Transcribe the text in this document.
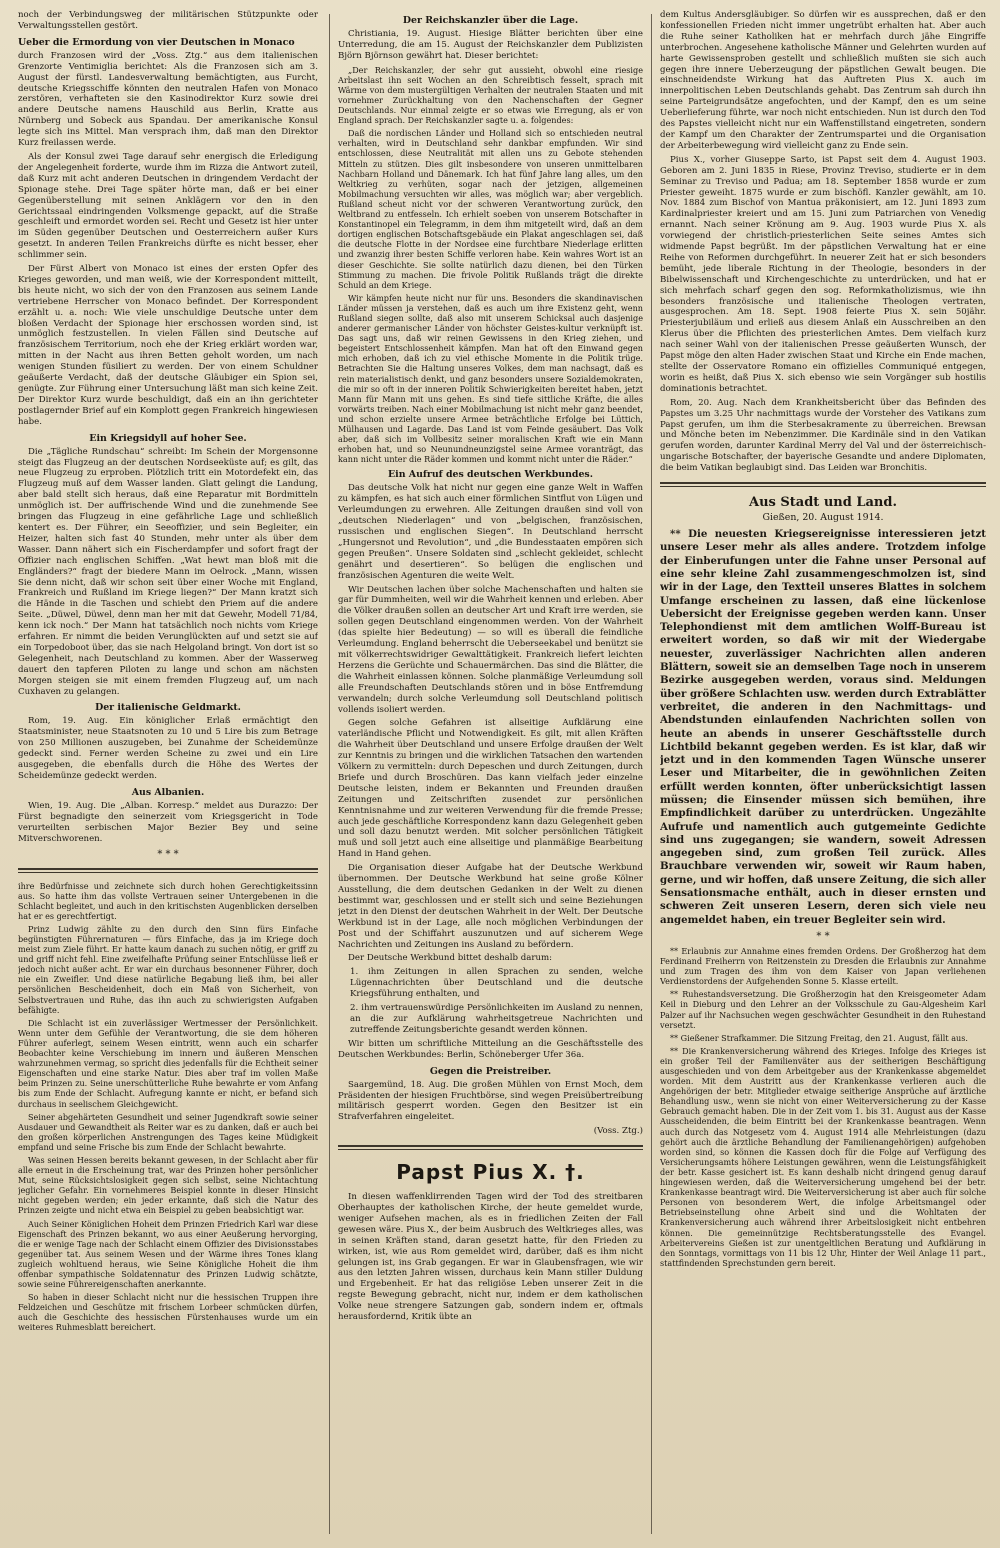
noch der Verbindungsweg der militärischen Stützpunkte oder Verwaltungsstellen gestört.

Ueber die Ermordung von vier Deutschen in Monaco

durch Franzosen wird der „Voss. Ztg.“ aus dem italienischen Grenzorte Ventimiglia berichtet: Als die Franzosen sich am 3. August der fürstl. Landesverwaltung bemächtigten, aus Furcht, deutsche Kriegsschiffe könnten den neutralen Hafen von Monaco zerstören, verhafteten sie den Kasinodirektor Kurz sowie drei andere Deutsche namens Hauschild aus Berlin, Kratte aus Nürnberg und Sobeck aus Spandau. Der amerikanische Konsul legte sich ins Mittel. Man versprach ihm, daß man den Direktor Kurz freilassen werde.

Als der Konsul zwei Tage darauf sehr energisch die Erledigung der Angelegenheit forderte, wurde ihm im Rizza die Antwort zuteil, daß Kurz mit acht anderen Deutschen in dringendem Verdacht der Spionage stehe. Drei Tage später hörte man, daß er bei einer Gegenüberstellung mit seinen Anklägern vor den in den Gerichtssaal eindringenden Volksmenge gepackt, auf die Straße geschleift und ermordet worden sei. Recht und Gesetz ist hier unter im Süden gegenüber Deutschen und Oesterreichern außer Kurs gesetzt. In anderen Teilen Frankreichs dürfte es nicht besser, eher schlimmer sein.

Der Fürst Albert von Monaco ist eines der ersten Opfer des Krieges geworden, und man weiß, wie der Korrespondent mitteilt, bis heute nicht, wo sich der von den Franzosen aus seinem Lande vertriebene Herrscher von Monaco befindet. Der Korrespondent erzählt u. a. noch: Wie viele unschuldige Deutsche unter dem bloßen Verdacht der Spionage hier erschossen worden sind, ist unmöglich festzustellen. In vielen Fällen sind Deutsche auf französischem Territorium, noch ehe der Krieg erklärt worden war, mitten in der Nacht aus ihren Betten geholt worden, um nach wenigen Stunden füsiliert zu werden. Der von einem Schuldner geäußerte Verdacht, daß der deutsche Gläubiger ein Spion sei, genügte. Zur Führung einer Untersuchung läßt man sich keine Zeit. Der Direktor Kurz wurde beschuldigt, daß ein an ihn gerichteter postlagernder Brief auf ein Komplott gegen Frankreich hingewiesen habe.

Ein Kriegsidyll auf hoher See.

Die „Tägliche Rundschau“ schreibt: Im Schein der Morgensonne steigt das Flugzeug an der deutschen Nordseeküste auf; es gilt, das neue Flugzeug zu erproben. Plötzlich tritt ein Motordefekt ein, das Flugzeug muß auf dem Wasser landen. Glatt gelingt die Landung, aber bald stellt sich heraus, daß eine Reparatur mit Bordmitteln unmöglich ist. Der auffrischende Wind und die zunehmende See bringen das Flugzeug in eine gefährliche Lage und schließlich kentert es. Der Führer, ein Seeoffizier, und sein Begleiter, ein Heizer, halten sich fast 40 Stunden, mehr unter als über dem Wasser. Dann nähert sich ein Fischerdampfer und sofort fragt der Offizier nach englischen Schiffen. „Wat hewt man bloß mit die Engländers?“ fragt der biedere Mann im Oelrock. „Mann, wissen Sie denn nicht, daß wir schon seit über einer Woche mit England, Frankreich und Rußland im Kriege liegen?“ Der Mann kratzt sich die Hände in die Taschen und schiebt den Priem auf die andere Seite. „Düwel, Düwel, denn man her mit dat Gewehr, Modell 71/84, kenn ick noch.“ Der Mann hat tatsächlich noch nichts vom Kriege erfahren. Er nimmt die beiden Verunglückten auf und setzt sie auf ein Torpedoboot über, das sie nach Helgoland bringt. Von dort ist so Gelegenheit, nach Deutschland zu kommen. Aber der Wasserweg dauert den tapferen Piloten zu lange und schon am nächsten Morgen steigen sie mit einem fremden Flugzeug auf, um nach Cuxhaven zu gelangen.

Der italienische Geldmarkt.

Rom, 19. Aug. Ein königlicher Erlaß ermächtigt den Staatsminister, neue Staatsnoten zu 10 und 5 Lire bis zum Betrage von 250 Millionen auszugeben, bei Zunahme der Scheidemünze gedeckt sind. Ferner werden Scheine zu zwei und ein Lire ausgegeben, die ebenfalls durch die Höhe des Wertes der Scheidemünze gedeckt werden.

Aus Albanien.

Wien, 19. Aug. Die „Alban. Korresp.“ meldet aus Durazzo: Der Fürst begnadigte den seinerzeit vom Kriegsgericht in Tode verurteilten serbischen Major Bezier Bey und seine Mitverschworenen.

* * *

ihre Bedürfnisse und zeichnete sich durch hohen Gerechtigkeitssinn aus. So hatte ihm das vollste Vertrauen seiner Untergebenen in die Schlacht begleitet, und auch in den kritischsten Augenblicken derselben hat er es gerechtfertigt.

Prinz Ludwig zählte zu den durch den Sinn fürs Einfache begünstigten Führernaturen — fürs Einfache, das ja im Kriege doch meist zum Ziele führt. Er hatte kaum danach zu suchen nötig, er griff zu und griff nicht fehl. Eine zweifelhafte Prüfung seiner Entschlüsse ließ er jedoch nicht außer acht. Er war ein durchaus besonnener Führer, doch nie ein Zweifler. Und diese natürliche Begabung ließ ihm, bei aller persönlichen Bescheidenheit, doch ein Maß von Sicherheit, von Selbstvertrauen und Ruhe, das ihn auch zu schwierigsten Aufgaben befähigte.

Die Schlacht ist ein zuverlässiger Wertmesser der Persönlichkeit. Wenn unter dem Gefühle der Verantwortung, die sie dem höheren Führer auferlegt, seinem Wesen eintritt, wenn auch ein scharfer Beobachter keine Verschiebung im innern und äußeren Menschen wahrzunehmen vermag, so spricht dies jedenfalls für die Echtheit seiner Eigenschaften und eine starke Natur. Dies aber traf im vollen Maße beim Prinzen zu. Seine unerschütterliche Ruhe bewahrte er vom Anfang bis zum Ende der Schlacht. Aufregung kannte er nicht, er befand sich durchaus in seelischem Gleichgewicht.

Seiner abgehärteten Gesundheit und seiner Jugendkraft sowie seiner Ausdauer und Gewandtheit als Reiter war es zu danken, daß er auch bei den großen körperlichen Anstrengungen des Tages keine Müdigkeit empfand und seine Frische bis zum Ende der Schlacht bewahrte.

Was seinen Hessen bereits bekannt gewesen, in der Schlacht aber für alle erneut in die Erscheinung trat, war des Prinzen hoher persönlicher Mut, seine Rücksichtslosigkeit gegen sich selbst, seine Nichtachtung jeglicher Gefahr. Ein vornehmeres Beispiel konnte in dieser Hinsicht nicht gegeben werden; ein jeder erkannte, daß sich die Natur des Prinzen zeigte und nicht etwa ein Beispiel zu geben beabsichtigt war.

Auch Seiner Königlichen Hoheit dem Prinzen Friedrich Karl war diese Eigenschaft des Prinzen bekannt, wo aus einer Aeußerung hervorging, die er wenige Tage nach der Schlacht einem Offizier des Divisionsstabes gegenüber tat. Aus seinem Wesen und der Wärme ihres Tones klang zugleich wohltuend heraus, wie Seine Königliche Hoheit die ihm offenbar sympathische Soldatennatur des Prinzen Ludwig schätzte, sowie seine Führereigenschaften anerkannte.

So haben in dieser Schlacht nicht nur die hessischen Truppen ihre Feldzeichen und Geschütze mit frischem Lorbeer schmücken dürfen, auch die Geschichte des hessischen Fürstenhauses wurde um ein weiteres Ruhmesblatt bereichert.

Der Reichskanzler über die Lage.

Christiania, 19. August. Hiesige Blätter berichten über eine Unterredung, die am 15. August der Reichskanzler dem Publizisten Björn Björnson gewährt hat. Dieser berichtet:

„Der Reichskanzler, der sehr gut aussieht, obwohl eine riesige Arbeitslast ihn seit Wochen an den Schreibtisch fesselt, sprach mit Wärme von dem mustergültigen Verhalten der neutralen Staaten und mit vornehmer Zurückhaltung von den Nachenschaften der Gegner Deutschlands. Nur einmal zeigte er so etwas wie Erregung, als er von England sprach. Der Reichskanzler sagte u. a. folgendes:

Daß die nordischen Länder und Holland sich so entschieden neutral verhalten, wird in Deutschland sehr dankbar empfunden. Wir sind entschlossen, diese Neutralität mit allen uns zu Gebote stehenden Mitteln zu stützen. Dies gilt insbesondere von unseren unmittelbaren Nachbarn Holland und Dänemark. Ich hat fünf Jahre lang alles, um den Weltkrieg zu verhüten, sogar nach der jetzigen, allgemeinen Mobilmachung versuchten wir alles, was möglich war; aber vergeblich. Rußland scheut nicht vor der schweren Verantwortung zurück, den Weltbrand zu entfesseln. Ich erhielt soeben von unserem Botschafter in Konstantinopel ein Telegramm, in dem ihm mitgeteilt wird, daß an dem dortigen englischen Botschaftsgebäude ein Plakat angeschlagen sei, daß die deutsche Flotte in der Nordsee eine furchtbare Niederlage erlitten und zwanzig ihrer besten Schiffe verloren habe. Kein wahres Wort ist an dieser Geschichte. Sie sollte natürlich dazu dienen, bei den Türken Stimmung zu machen. Die frivole Politik Rußlands trägt die direkte Schuld an dem Kriege.

Wir kämpfen heute nicht nur für uns. Besonders die skandinavischen Länder müssen ja verstehen, daß es auch um ihre Existenz geht, wenn Rußland siegen sollte, daß also mit unserem Schicksal auch dasjenige anderer germanischer Länder von höchster Geistes-kultur verknüpft ist. Das sagt uns, daß wir reinen Gewissens in den Krieg ziehen, und begeistert Entschlossenheit kämpfen. Man hat oft den Einwand gegen mich erhoben, daß ich zu viel ethische Momente in die Politik trüge. Betrachten Sie die Haltung unseres Volkes, dem man nachsagt, daß es rein materialistisch denkt, und ganz besonders unsere Sozialdemokraten, die mir so oft in der inneren Politik Schwierigkeiten bereitet haben, jetzt Mann für Mann mit uns gehen. Es sind tiefe sittliche Kräfte, die alles vorwärts treiben. Nach einer Mobilmachung ist nicht mehr ganz beendet, und schon erzielte unsere Armee beträchtliche Erfolge bei Lüttich, Mülhausen und Lagarde. Das Land ist vom Feinde gesäubert. Das Volk aber, daß sich im Vollbesitz seiner moralischen Kraft wie ein Mann erhoben hat, und so Neunundneunzigstel seine Armee voranträgt, das kann nicht unter die Räder kommen und kommt nicht unter die Räder.“

Ein Aufruf des deutschen Werkbundes.

Das deutsche Volk hat nicht nur gegen eine ganze Welt in Waffen zu kämpfen, es hat sich auch einer förmlichen Sintflut von Lügen und Verleumdungen zu erwehren. Alle Zeitungen draußen sind voll von „deutschen Niederlagen“ und von „belgischen, französischen, russischen und englischen Siegen“. In Deutschland herrscht „Hungersnot und Revolution“, und „die Bundesstaaten empören sich gegen Preußen“. Unsere Soldaten sind „schlecht gekleidet, schlecht genährt und desertieren“. So belügen die englischen und französischen Agenturen die weite Welt.

Wir Deutschen lachen über solche Machenschaften und halten sie gar für Dummheiten, weil wir die Wahrheit kennen und erleben. Aber die Völker draußen sollen an deutscher Art und Kraft irre werden, sie sollen gegen Deutschland eingenommen werden. Von der Wahrheit (das spielte hier Bedeutung) — so will es überall die feindliche Verleumdung. England beherrscht die Ueberseekabel und benützt sie mit völkerrechtswidriger Gewalttätigkeit. Frankreich liefert leichten Herzens die Gerüchte und Schauermärchen. Das sind die Blätter, die die Wahrheit einlassen können. Solche planmäßige Verleumdung soll alle Freundschaften Deutschlands stören und in böse Entfremdung verwandeln; durch solche Verleumdung soll Deutschland politisch vollends isoliert werden.

Gegen solche Gefahren ist allseitige Aufklärung eine vaterländische Pflicht und Notwendigkeit. Es gilt, mit allen Kräften die Wahrheit über Deutschland und unsere Erfolge draußen der Welt zur Kenntnis zu bringen und die wirklichen Tatsachen den wartenden Völkern zu vermitteln: durch Depeschen und durch Zeitungen, durch Briefe und durch Broschüren. Das kann vielfach jeder einzelne Deutsche leisten, indem er Bekannten und Freunden draußen Zeitungen und Zeitschriften zusendet zur persönlichen Kenntnisnahme und zur weiteren Verwendung für die fremde Presse; auch jede geschäftliche Korrespondenz kann dazu Gelegenheit geben und soll dazu benutzt werden. Mit solcher persönlichen Tätigkeit muß und soll jetzt auch eine allseitige und planmäßige Bearbeitung Hand in Hand gehen.

Die Organisation dieser Aufgabe hat der Deutsche Werkbund übernommen. Der Deutsche Werkbund hat seine große Kölner Ausstellung, die dem deutschen Gedanken in der Welt zu dienen bestimmt war, geschlossen und er stellt sich und seine Beziehungen jetzt in den Dienst der deutschen Wahrheit in der Welt. Der Deutsche Werkbund ist in der Lage, alle noch möglichen Verbindungen der Post und der Schiffahrt auszunutzen und auf sicherem Wege Nachrichten und Zeitungen ins Ausland zu befördern.

Der Deutsche Werkbund bittet deshalb darum:

1. ihm Zeitungen in allen Sprachen zu senden, welche Lügennachrichten über Deutschland und die deutsche Kriegsführung enthalten, und

2. ihm vertrauenswürdige Persönlichkeiten im Ausland zu nennen, an die zur Aufklärung wahrheitsgetreue Nachrichten und zutreffende Zeitungsberichte gesandt werden können.

Wir bitten um schriftliche Mitteilung an die Geschäftsstelle des Deutschen Werkbundes: Berlin, Schöneberger Ufer 36a.

Gegen die Preistreiber.

Saargemünd, 18. Aug. Die großen Mühlen von Ernst Moch, dem Präsidenten der hiesigen Fruchtbörse, sind wegen Preisübertreibung militärisch gesperrt worden. Gegen den Besitzer ist ein Strafverfahren eingeleitet.

(Voss. Ztg.)

Papst Pius X. †.

In diesen waffenklirrenden Tagen wird der Tod des streitbaren Oberhauptes der katholischen Kirche, der heute gemeldet wurde, weniger Aufsehen machen, als es in friedlichen Zeiten der Fall gewesen wäre. Pius X., der beim Ausbruch des Weltkrieges alles, was in seinen Kräften stand, daran gesetzt hatte, für den Frieden zu wirken, ist, wie aus Rom gemeldet wird, darüber, daß es ihm nicht gelungen ist, ins Grab gegangen. Er war in Glaubensfragen, wie wir aus den letzten Jahren wissen, durchaus kein Mann stiller Duldung und Ergebenheit. Er hat das religiöse Leben unserer Zeit in die regste Bewegung gebracht, nicht nur, indem er dem katholischen Volke neue strengere Satzungen gab, sondern indem er, oftmals herausfordernd, Kritik übte an

dem Kultus Andersgläubiger. So dürfen wir es aussprechen, daß er den konfessionellen Frieden nicht immer ungetrübt erhalten hat. Aber auch die Ruhe seiner Katholiken hat er mehrfach durch jähe Eingriffe unterbrochen. Angesehene katholische Männer und Gelehrten wurden auf harte Gewissensproben gestellt und schließlich mußten sie sich auch gegen ihre innere Ueberzeugung der päpstlichen Gewalt beugen. Die einschneidendste Wirkung hat das Auftreten Pius X. auch im innerpolitischen Leben Deutschlands gehabt. Das Zentrum sah durch ihn seine Parteigrundsätze angefochten, und der Kampf, den es um seine Ueberlieferung führte, war noch nicht entschieden. Nun ist durch den Tod des Papstes vielleicht nicht nur ein Waffenstillstand eingetreten, sondern der Kampf um den Charakter der Zentrumspartei und die Organisation der Arbeiterbewegung wird vielleicht ganz zu Ende sein.

Pius X., vorher Giuseppe Sarto, ist Papst seit dem 4. August 1903. Geboren am 2. Juni 1835 in Riese, Provinz Treviso, studierte er in dem Seminar zu Treviso und Padua; am 18. September 1858 wurde er zum Priester geweiht. 1875 wurde er zum bischöfl. Kanzler gewählt, am 10. Nov. 1884 zum Bischof von Mantua präkonisiert, am 12. Juni 1893 zum Kardinalpriester kreiert und am 15. Juni zum Patriarchen von Venedig ernannt. Nach seiner Krönung am 9. Aug. 1903 wurde Pius X. als vorwiegend der christlich-priesterlichen Seite seines Amtes sich widmende Papst begrüßt. Im der päpstlichen Verwaltung hat er eine Reihe von Reformen durchgeführt. In neuerer Zeit hat er sich besonders bemüht, jede liberale Richtung in der Theologie, besonders in der Bibelwissenschaft und Kirchengeschichte zu unterdrücken, und hat er sich mehrfach scharf gegen den sog. Reformkatholizismus, wie ihn besonders französische und italienische Theologen vertraten, ausgesprochen. Am 18. Sept. 1908 feierte Pius X. sein 50jähr. Priesterjubiläum und erließ aus diesem Anlaß ein Ausschreiben an den Klerus über die Pflichten des priesterlichen Amtes. Dem vielfach kurz nach seiner Wahl von der italienischen Presse geäußerten Wunsch, der Papst möge den alten Hader zwischen Staat und Kirche ein Ende machen, stellte der Osservatore Romano ein offizielles Communiqué entgegen, worin es heißt, daß Pius X. sich ebenso wie sein Vorgänger sub hostilis dominationis betrachtet.

Rom, 20. Aug. Nach dem Krankheitsbericht über das Befinden des Papstes um 3.25 Uhr nachmittags wurde der Vorsteher des Vatikans zum Papst gerufen, um ihm die Sterbesakramente zu überreichen. Brewsan und Mönche beten im Nebenzimmer. Die Kardinäle sind in den Vatikan gerufen worden, darunter Kardinal Merry del Val und der österreichisch-ungarische Botschafter, der bayerische Gesandte und andere Diplomaten, die beim Vatikan beglaubigt sind. Das Leiden war Bronchitis.

Aus Stadt und Land.
Gießen, 20. August 1914.

** Die neuesten Kriegsereignisse interessieren jetzt unsere Leser mehr als alles andere. Trotzdem infolge der Einberufungen unter die Fahne unser Personal auf eine sehr kleine Zahl zusammengeschmolzen ist, sind wir in der Lage, den Textteil unseres Blattes in solchem Umfange erscheinen zu lassen, daß eine lückenlose Uebersicht der Ereignisse gegeben werden kann. Unser Telephondienst mit dem amtlichen Wolff-Bureau ist erweitert worden, so daß wir mit der Wiedergabe neuester, zuverlässiger Nachrichten allen anderen Blättern, soweit sie an demselben Tage noch in unserem Bezirke ausgegeben werden, voraus sind. Meldungen über größere Schlachten usw. werden durch Extrablätter verbreitet, die anderen in den Nachmittags- und Abendstunden einlaufenden Nachrichten sollen von heute an abends in unserer Geschäftsstelle durch Lichtbild bekannt gegeben werden. Es ist klar, daß wir jetzt und in den kommenden Tagen Wünsche unserer Leser und Mitarbeiter, die in gewöhnlichen Zeiten erfüllt werden konnten, öfter unberücksichtigt lassen müssen; die Einsender müssen sich bemühen, ihre Empfindlichkeit darüber zu unterdrücken. Ungezählte Aufrufe und namentlich auch gutgemeinte Gedichte sind uns zugegangen; sie wandern, soweit Adressen angegeben sind, zum großen Teil zurück. Alles Brauchbare verwenden wir, soweit wir Raum haben, gerne, und wir hoffen, daß unsere Zeitung, die sich aller Sensationsmache enthält, auch in dieser ernsten und schweren Zeit unseren Lesern, deren sich viele neu angemeldet haben, ein treuer Begleiter sein wird.

* *

** Erlaubnis zur Annahme eines fremden Ordens. Der Großherzog hat dem Ferdinand Freiherrn von Reitzenstein zu Dresden die Erlaubnis zur Annahme und zum Tragen des ihm von dem Kaiser von Japan verliehenen Verdienstordens der Aufgehenden Sonne 5. Klasse erteilt.

** Ruhestandsversetzung. Die Großherzogin hat den Kreisgeometer Adam Keil in Dieburg und den Lehrer an der Volksschule zu Gau-Algesheim Karl Palzer auf ihr Nachsuchen wegen geschwächter Gesundheit in den Ruhestand versetzt.

** Gießener Strafkammer. Die Sitzung Freitag, den 21. August, fällt aus.

** Die Krankenversicherung während des Krieges. Infolge des Krieges ist ein großer Teil der Familienväter aus der seitherigen Beschäftigung ausgeschieden und von dem Arbeitgeber aus der Krankenkasse abgemeldet worden. Mit dem Austritt aus der Krankenkasse verlieren auch die Angehörigen der betr. Mitglieder etwaige seitherige Ansprüche auf ärztliche Behandlung usw., wenn sie nicht von einer Weiterversicherung zu der Kasse Gebrauch gemacht haben. Die in der Zeit vom 1. bis 31. August aus der Kasse Ausscheidenden, die beim Eintritt bei der Krankenkasse beantragen. Wenn auch durch das Notgesetz vom 4. August 1914 alle Mehrleistungen (dazu gehört auch die ärztliche Behandlung der Familienangehörigen) aufgehoben worden sind, so können die Kassen doch für die Folge auf Verfügung des Versicherungsamts höhere Leistungen gewähren, wenn die Leistungsfähigkeit der betr. Kasse gesichert ist. Es kann deshalb nicht dringend genug darauf hingewiesen werden, daß die Weiterversicherung umgehend bei der betr. Krankenkasse beantragt wird. Die Weiterversicherung ist aber auch für solche Personen von besonderem Wert, die infolge Arbeitsmangel oder Betriebseinstellung ohne Arbeit sind und die Wohltaten der Krankenversicherung auch während ihrer Arbeitslosigkeit nicht entbehren können. Die gemeinnützige Rechtsberatungsstelle des Evangel. Arbeitervereins Gießen ist zur unentgeltlichen Beratung und Aufklärung in den Sonntags, vormittags von 11 bis 12 Uhr, Hinter der Weil Anlage 11 part., stattfindenden Sprechstunden gern bereit.
